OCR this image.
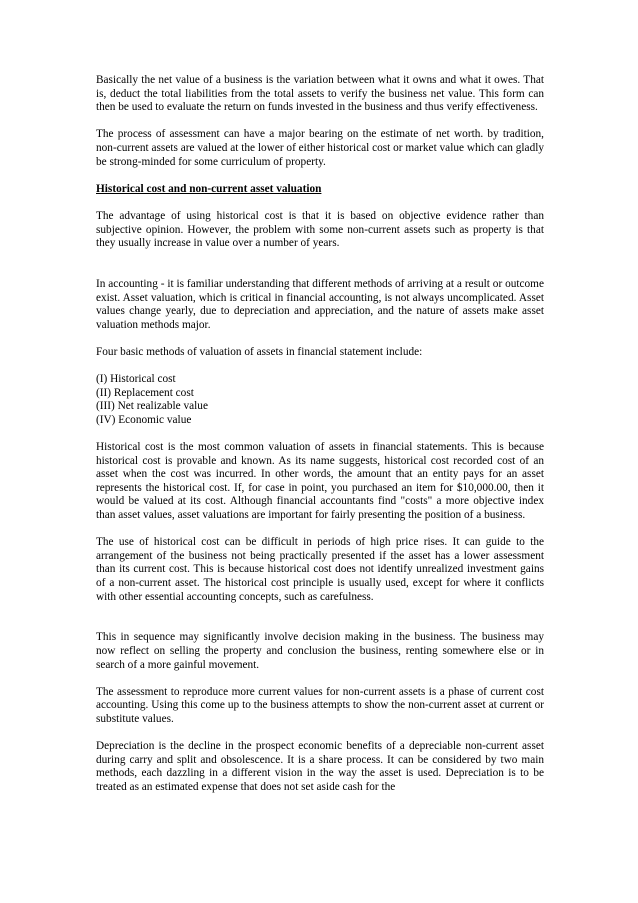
Basically the net value of a business is the variation between what it owns and what it owes. That is, deduct the total liabilities from the total assets to verify the business net value. This form can then be used to evaluate the return on funds invested in the business and thus verify effectiveness.

The process of assessment can have a major bearing on the estimate of net worth. by tradition, non-current assets are valued at the lower of either historical cost or market value which can gladly be strong-minded for some curriculum of property.

Historical cost and non-current asset valuation

The advantage of using historical cost is that it is based on objective evidence rather than subjective opinion. However, the problem with some non-current assets such as property is that they usually increase in value over a number of years.

In accounting - it is familiar understanding that different methods of arriving at a result or outcome exist. Asset valuation, which is critical in financial accounting, is not always uncomplicated. Asset values change yearly, due to depreciation and appreciation, and the nature of assets make asset valuation methods major.

Four basic methods of valuation of assets in financial statement include:

(I) Historical cost
(II) Replacement cost
(III) Net realizable value
(IV) Economic value

Historical cost is the most common valuation of assets in financial statements. This is because historical cost is provable and known. As its name suggests, historical cost recorded cost of an asset when the cost was incurred. In other words, the amount that an entity pays for an asset represents the historical cost. If, for case in point, you purchased an item for $10,000.00, then it would be valued at its cost. Although financial accountants find "costs" a more objective index than asset values, asset valuations are important for fairly presenting the position of a business.

The use of historical cost can be difficult in periods of high price rises. It can guide to the arrangement of the business not being practically presented if the asset has a lower assessment than its current cost. This is because historical cost does not identify unrealized investment gains of a non-current asset. The historical cost principle is usually used, except for where it conflicts with other essential accounting concepts, such as carefulness.

This in sequence may significantly involve decision making in the business. The business may now reflect on selling the property and conclusion the business, renting somewhere else or in search of a more gainful movement.

The assessment to reproduce more current values for non-current assets is a phase of current cost accounting. Using this come up to the business attempts to show the non-current asset at current or substitute values.

Depreciation is the decline in the prospect economic benefits of a depreciable non-current asset during carry and split and obsolescence. It is a share process. It can be considered by two main methods, each dazzling in a different vision in the way the asset is used. Depreciation is to be treated as an estimated expense that does not set aside cash for the
